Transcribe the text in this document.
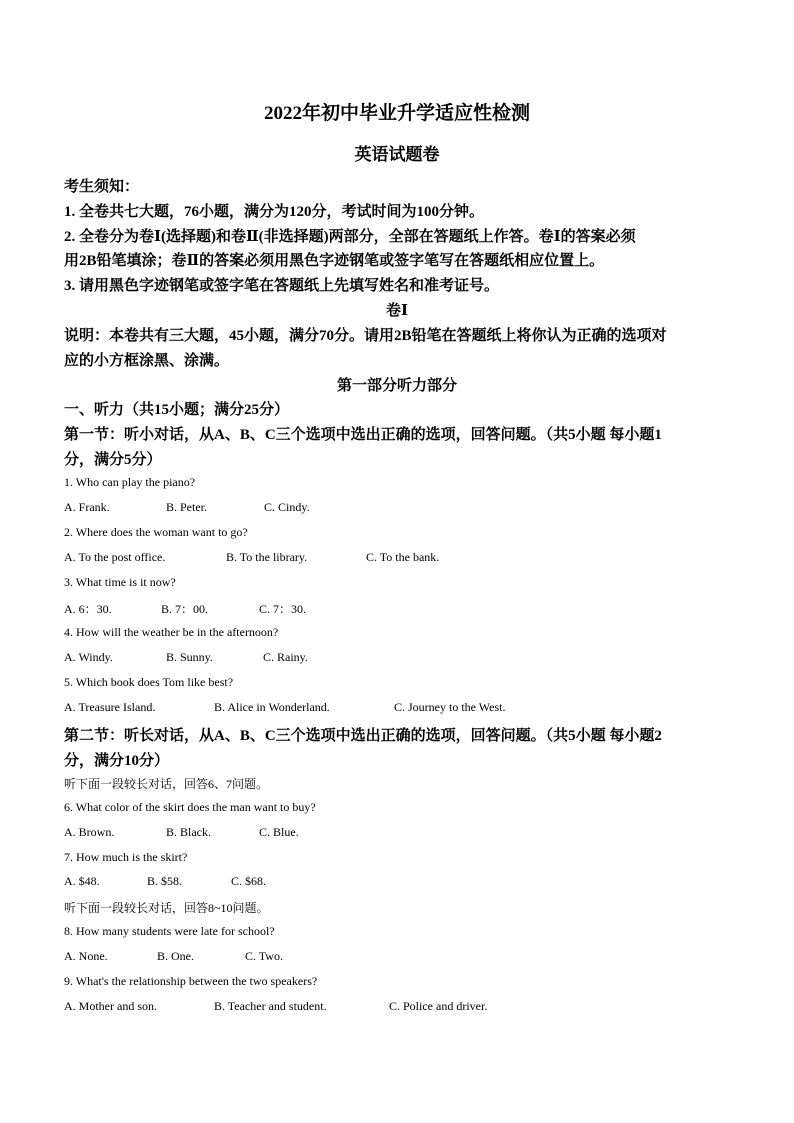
2022年初中毕业升学适应性检测
英语试题卷
考生须知：
1. 全卷共七大题，76小题，满分为120分，考试时间为100分钟。
2. 全卷分为卷Ⅰ(选择题)和卷Ⅱ(非选择题)两部分，全部在答题纸上作答。卷Ⅰ的答案必须
用2B铅笔填涂；卷Ⅱ的答案必须用黑色字迹钢笔或签字笔写在答题纸相应位置上。
3. 请用黑色字迹钢笔或签字笔在答题纸上先填写姓名和准考证号。
卷Ⅰ
说明：本卷共有三大题，45小题，满分70分。请用2B铅笔在答题纸上将你认为正确的选项对
应的小方框涂黑、涂满。
第一部分听力部分
一、听力（共15小题；满分25分）
第一节：听小对话，从A、B、C三个选项中选出正确的选项，回答问题。（共5小题 每小题1
分，满分5分）
1. Who can play the piano?
A. Frank.	B. Peter.	C. Cindy.
2. Where does the woman want to go?
A. To the post office.	B. To the library.	C. To the bank.
3. What time is it now?
A. 6：30.	B. 7：00.	C. 7：30.
4. How will the weather be in the afternoon?
A. Windy.	B. Sunny.	C. Rainy.
5. Which book does Tom like best?
A. Treasure Island.	B. Alice in Wonderland.	C. Journey to the West.
第二节：听长对话，从A、B、C三个选项中选出正确的选项，回答问题。（共5小题 每小题2
分，满分10分）
听下面一段较长对话，回答6、7问题。
6. What color of the skirt does the man want to buy?
A. Brown.	B. Black.	C. Blue.
7. How much is the skirt?
A. $48.	B. $58.	C. $68.
听下面一段较长对话，回答8~10问题。
8. How many students were late for school?
A. None.	B. One.	C. Two.
9. What's the relationship between the two speakers?
A. Mother and son.	B. Teacher and student.	C. Police and driver.
